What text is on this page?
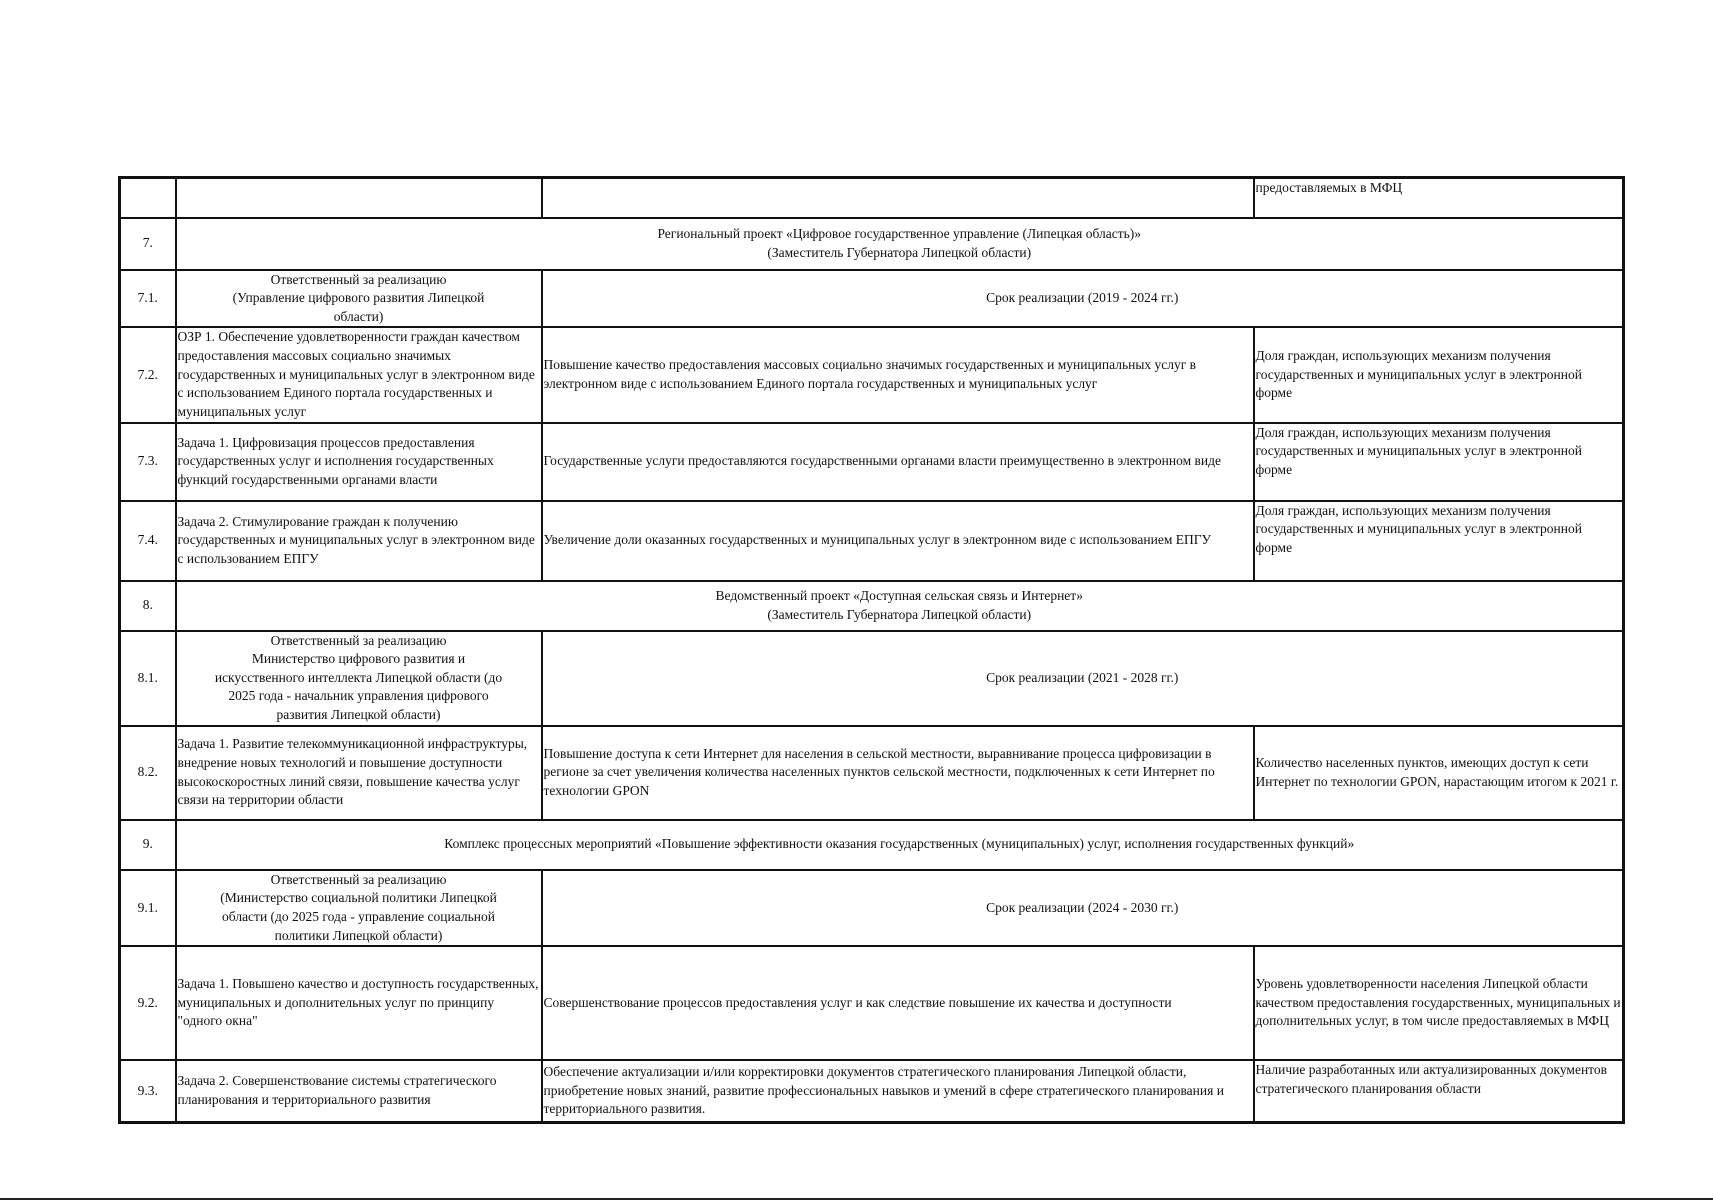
			предоставляемых в МФЦ
7.	Региональный проект «Цифровое государственное управление (Липецкая область)»
(Заместитель Губернатора Липецкой области)		

7.1.	Ответственный за реализацию
(Управление цифрового развития Липецкой
области)	Срок реализации (2019 - 2024 гг.)	
7.2.	ОЗР 1. Обеспечение удовлетворенности граждан качеством предоставления массовых социально значимых государственных и муниципальных услуг в электронном виде с использованием Единого портала государственных и муниципальных услуг	Повышение качество предоставления массовых социально значимых государственных и муниципальных услуг в электронном виде с использованием Единого портала государственных и муниципальных услуг	Доля граждан, использующих механизм получения государственных и муниципальных услуг в электронной форме
7.3.	Задача 1. Цифровизация процессов предоставления государственных услуг и исполнения государственных функций государственными органами власти	Государственные услуги предоставляются государственными органами власти преимущественно в электронном виде	Доля граждан, использующих механизм получения государственных и муниципальных услуг в электронной форме
7.4.	Задача 2. Стимулирование граждан к получению государственных и муниципальных услуг в электронном виде с использованием ЕПГУ	Увеличение доли оказанных государственных и муниципальных услуг в электронном виде с использованием ЕПГУ	Доля граждан, использующих механизм получения государственных и муниципальных услуг в электронной форме
8.	Ведомственный проект «Доступная сельская связь и Интернет»
(Заместитель Губернатора Липецкой области)		

8.1.	Ответственный за реализацию
Министерство цифрового развития и
искусственного интеллекта Липецкой области (до
2025 года - начальник управления цифрового
развития Липецкой области)	Срок реализации (2021 - 2028 гг.)	
8.2.	Задача 1. Развитие телекоммуникационной инфраструктуры, внедрение новых технологий и повышение доступности высокоскоростных линий связи, повышение качества услуг связи на территории области	Повышение доступа к сети Интернет для населения в сельской местности, выравнивание процесса цифровизации в регионе за счет увеличения количества населенных пунктов сельской местности, подключенных к сети Интернет по технологии GPON	Количество населенных пунктов, имеющих доступ к сети Интернет по технологии GPON, нарастающим итогом к 2021 г.
9.	Комплекс процессных мероприятий «Повышение эффективности оказания государственных (муниципальных) услуг, исполнения государственных функций»		

9.1.	Ответственный за реализацию
(Министерство социальной политики Липецкой
области (до 2025 года - управление социальной
политики Липецкой области)	Срок реализации (2024 - 2030 гг.)	
9.2.	Задача 1. Повышено качество и доступность государственных, муниципальных и дополнительных услуг по принципу "одного окна"	Совершенствование процессов предоставления услуг и как следствие повышение их качества и доступности	Уровень удовлетворенности населения Липецкой области качеством предоставления государственных, муниципальных и дополнительных услуг, в том числе предоставляемых в МФЦ
9.3.	Задача 2. Совершенствование системы стратегического планирования и территориального развития	Обеспечение актуализации и/или корректировки документов стратегического планирования Липецкой области, приобретение новых знаний, развитие профессиональных навыков и умений в сфере стратегического планирования и территориального развития.	Наличие разработанных или актуализированных документов стратегического планирования области
